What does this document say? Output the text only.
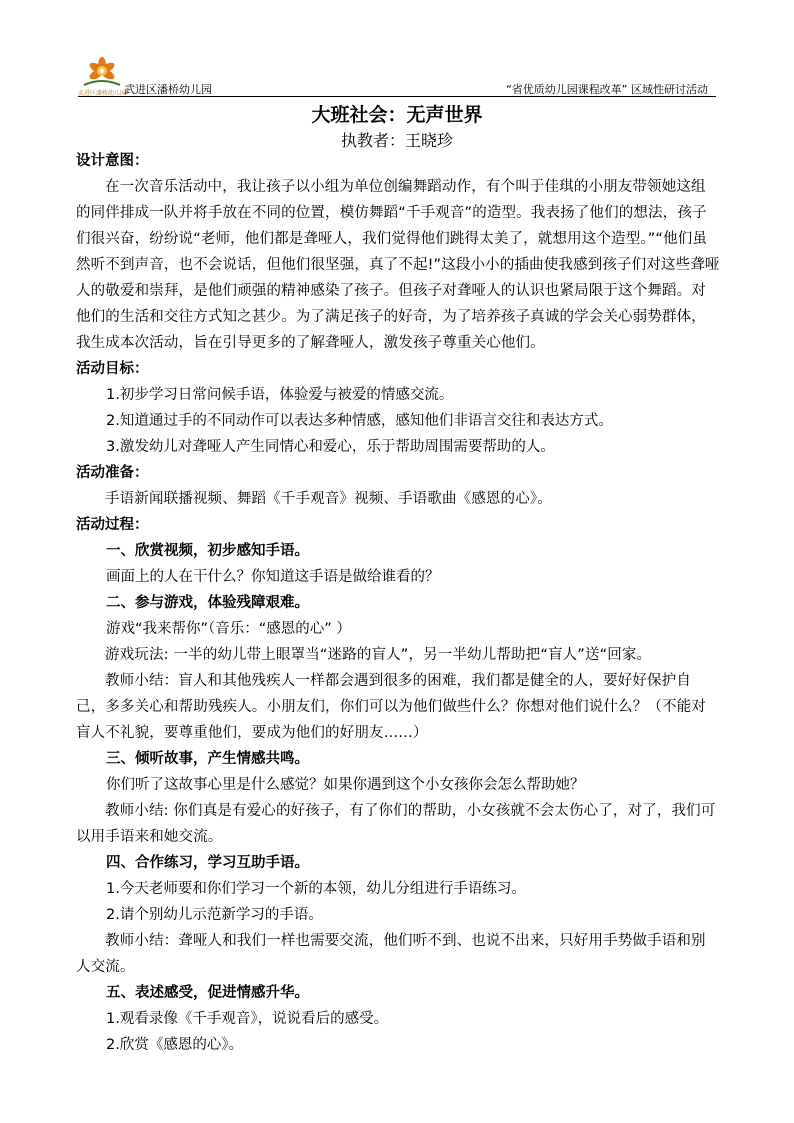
武进区潘桥幼儿园
武进区潘桥幼儿园	“省优质幼儿园课程改革” 区域性研讨活动
大班社会：无声世界
执教者：王晓珍
设计意图：
在一次音乐活动中，我让孩子以小组为单位创编舞蹈动作，有个叫于佳琪的小朋友带领她这组的同伴排成一队并将手放在不同的位置，模仿舞蹈“千手观音”的造型。我表扬了他们的想法，孩子们很兴奋，纷纷说“老师，他们都是聋哑人，我们觉得他们跳得太美了，就想用这个造型。”“他们虽然听不到声音，也不会说话，但他们很坚强，真了不起!”这段小小的插曲使我感到孩子们对这些聋哑人的敬爱和崇拜，是他们顽强的精神感染了孩子。但孩子对聋哑人的认识也紧局限于这个舞蹈。对他们的生活和交往方式知之甚少。为了满足孩子的好奇，为了培养孩子真诚的学会关心弱势群体，我生成本次活动，旨在引导更多的了解聋哑人，激发孩子尊重关心他们。
活动目标：
1.初步学习日常问候手语，体验爱与被爱的情感交流。
2.知道通过手的不同动作可以表达多种情感，感知他们非语言交往和表达方式。
3.激发幼儿对聋哑人产生同情心和爱心，乐于帮助周围需要帮助的人。
活动准备：
手语新闻联播视频、舞蹈《千手观音》视频、手语歌曲《感恩的心》。
活动过程：
一、欣赏视频，初步感知手语。
画面上的人在干什么？你知道这手语是做给谁看的？
二、参与游戏，体验残障艰难。
游戏“我来帮你”（音乐：“感恩的心” ）
游戏玩法: 一半的幼儿带上眼罩当“迷路的盲人”，另一半幼儿帮助把“盲人”送“回家。
教师小结：盲人和其他残疾人一样都会遇到很多的困难，我们都是健全的人，要好好保护自己，多多关心和帮助残疾人。小朋友们，你们可以为他们做些什么？你想对他们说什么？（不能对盲人不礼貌，要尊重他们，要成为他们的好朋友……）
三、倾听故事，产生情感共鸣。
你们听了这故事心里是什么感觉？如果你遇到这个小女孩你会怎么帮助她？
教师小结: 你们真是有爱心的好孩子，有了你们的帮助，小女孩就不会太伤心了，对了，我们可以用手语来和她交流。
四、合作练习，学习互助手语。
1.今天老师要和你们学习一个新的本领，幼儿分组进行手语练习。
2.请个别幼儿示范新学习的手语。
教师小结：聋哑人和我们一样也需要交流，他们听不到、也说不出来，只好用手势做手语和别人交流。
五、表述感受，促进情感升华。
1.观看录像《千手观音》，说说看后的感受。
2.欣赏《感恩的心》。
